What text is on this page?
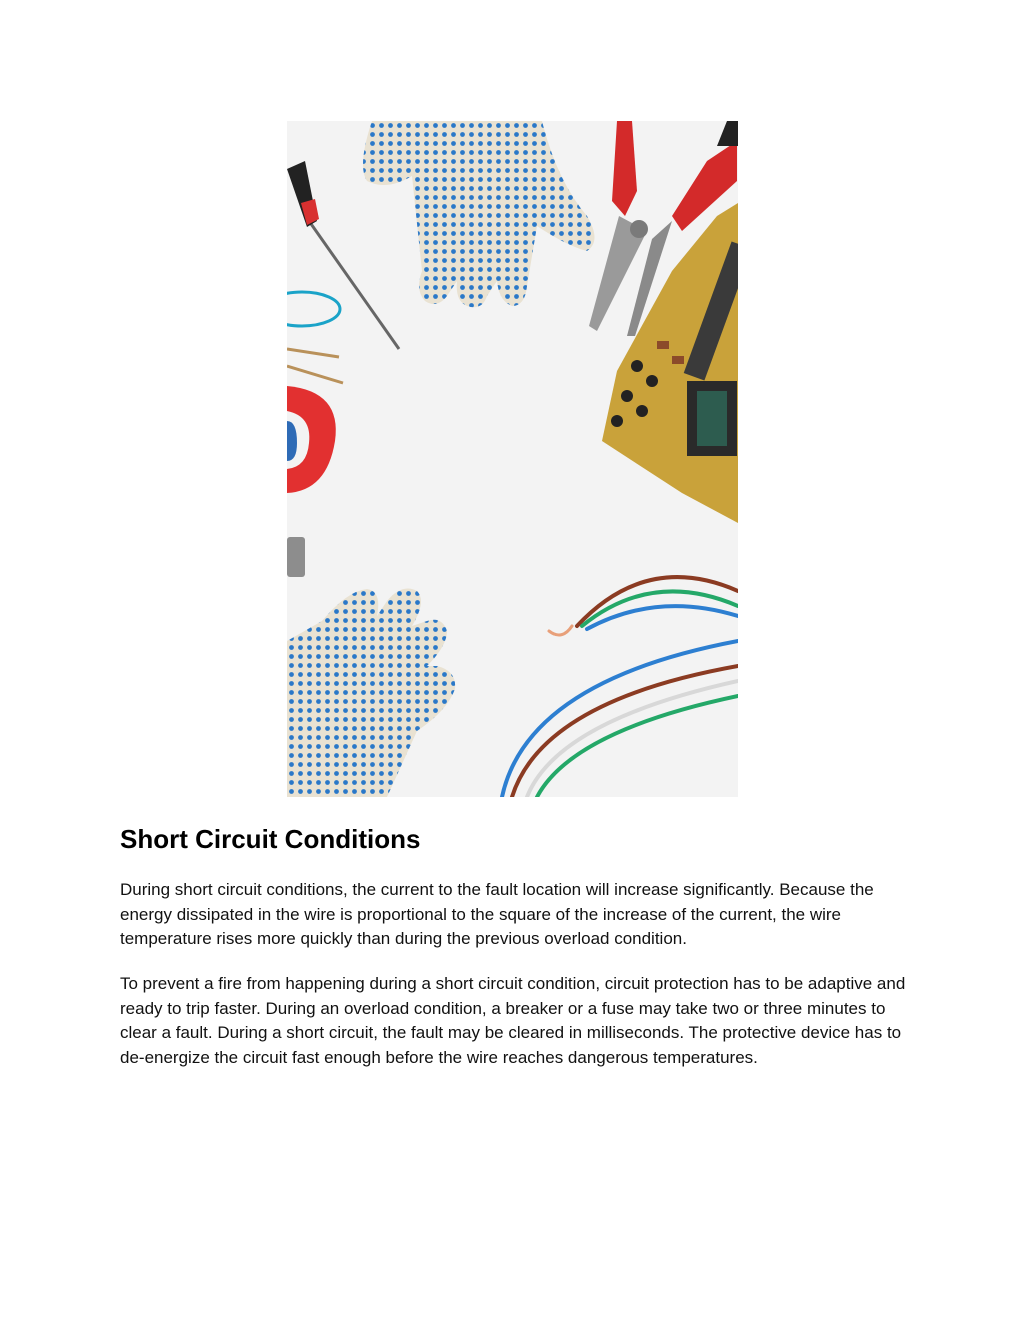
Short Circuit Conditions

During short circuit conditions, the current to the fault location will increase significantly. Because the energy dissipated in the wire is proportional to the square of the increase of the current, the wire temperature rises more quickly than during the previous overload condition.

To prevent a fire from happening during a short circuit condition, circuit protection has to be adaptive and ready to trip faster. During an overload condition, a breaker or a fuse may take two or three minutes to clear a fault. During a short circuit, the fault may be cleared in milliseconds. The protective device has to de-energize the circuit fast enough before the wire reaches dangerous temperatures.
